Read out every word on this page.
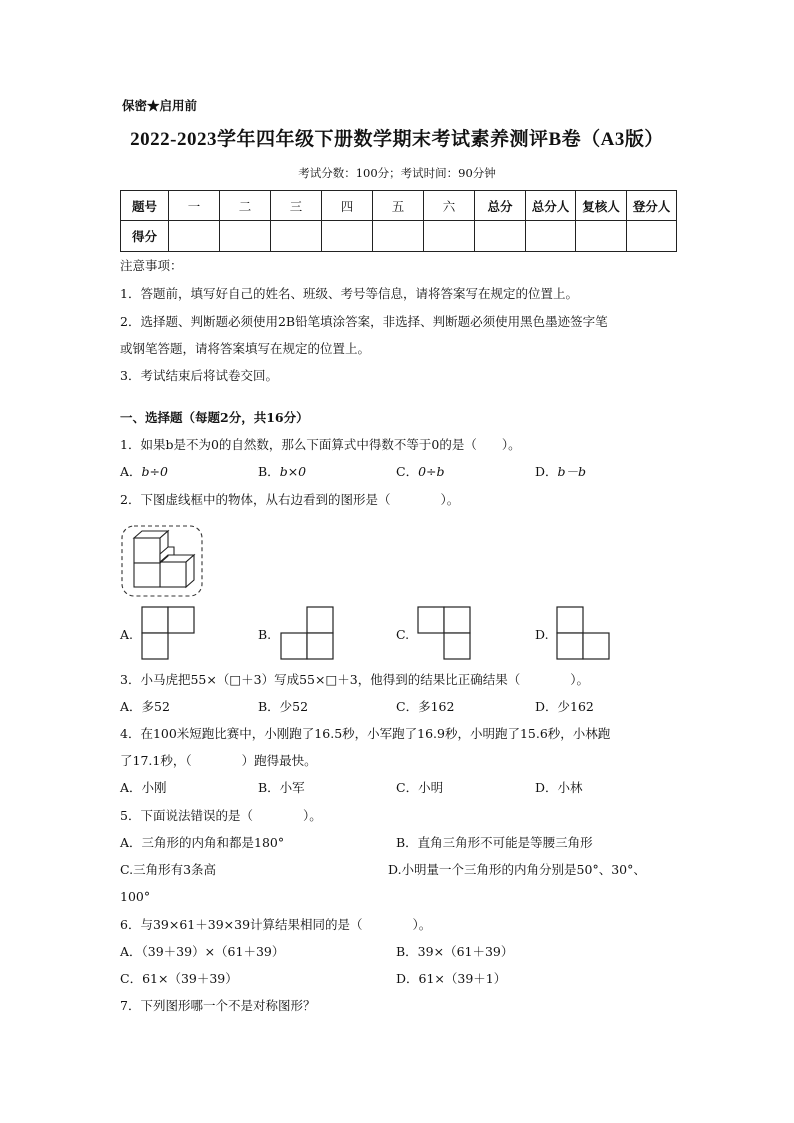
保密★启用前
2022-2023学年四年级下册数学期末考试素养测评B卷（A3版）
考试分数：100分；考试时间：90分钟
题号	一	二	三	四	五	六	总分	总分人	复核人	登分人
得分										
注意事项：
1．答题前，填写好自己的姓名、班级、考号等信息，请将答案写在规定的位置上。
2．选择题、判断题必须使用2B铅笔填涂答案，非选择、判断题必须使用黑色墨迹签字笔
或钢笔答题，请将答案填写在规定的位置上。
3．考试结束后将试卷交回。
一、选择题（每题2分，共16分）
1．如果b是不为0的自然数，那么下面算式中得数不等于0的是（　　）。
A．b÷0	B．b×0	C．0÷b	D．b－b
2．下图虚线框中的物体，从右边看到的图形是（　　　　）。
A.	B.	C.	D.
3．小马虎把55×（□＋3）写成55×□＋3，他得到的结果比正确结果（　　　　）。
A．多52	B．少52	C．多162	D．少162
4．在100米短跑比赛中，小刚跑了16.5秒，小军跑了16.9秒，小明跑了15.6秒，小林跑
了17.1秒，（　　　　）跑得最快。
A．小刚	B．小军	C．小明	D．小林
5．下面说法错误的是（　　　　）。
A．三角形的内角和都是180°	B．直角三角形不可能是等腰三角形
C.三角形有3条高	D.小明量一个三角形的内角分别是50°、30°、
100°
6．与39×61＋39×39计算结果相同的是（　　　　）。
A．（39＋39）×（61＋39）	B．39×（61＋39）
C．61×（39＋39）	D．61×（39＋1）
7．下列图形哪一个不是对称图形？
